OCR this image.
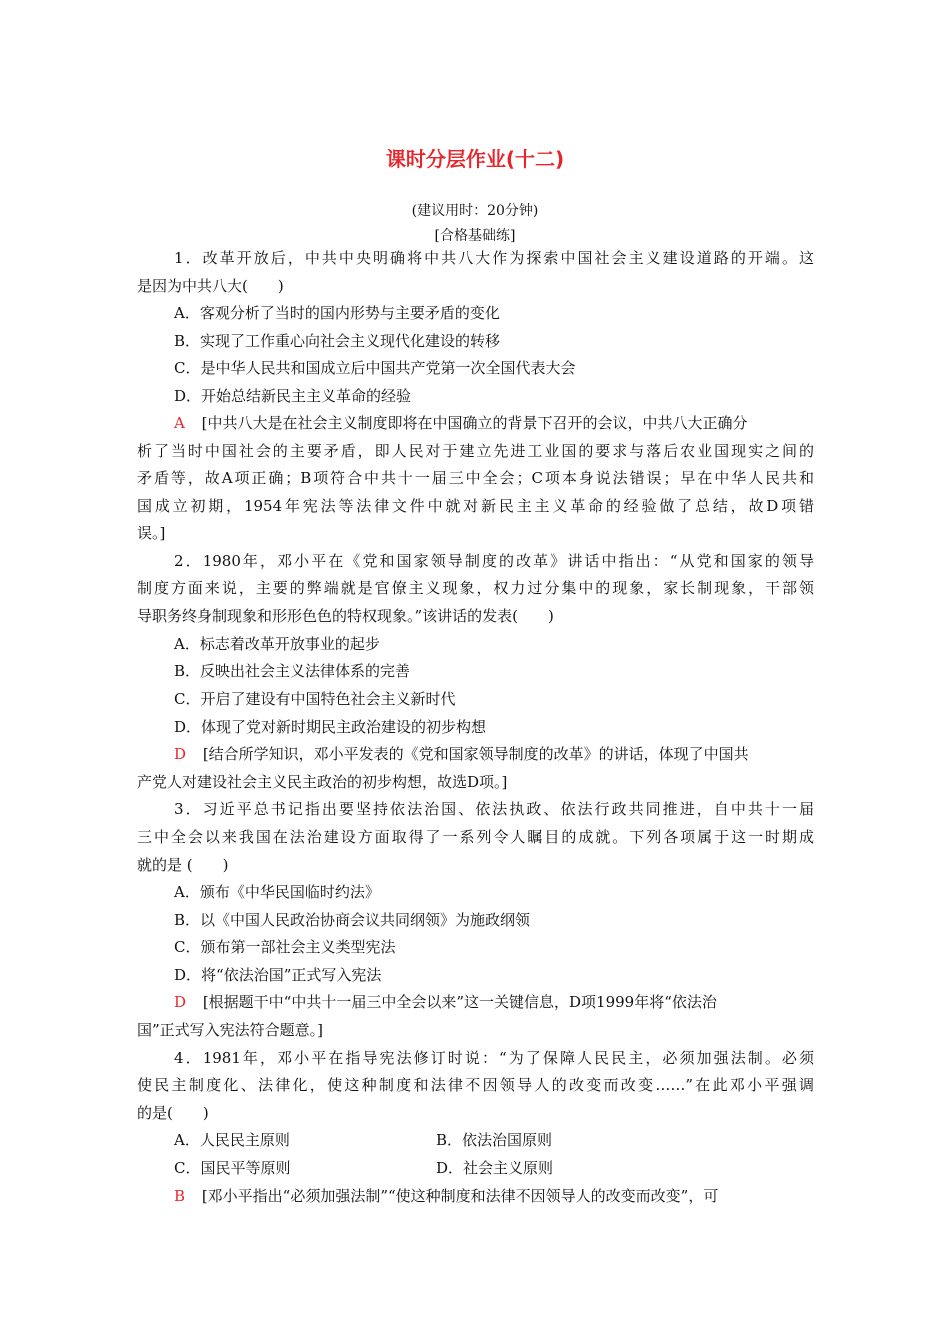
课时分层作业(十二)
(建议用时：20分钟)
[合格基础练]
1．改革开放后，中共中央明确将中共八大作为探索中国社会主义建设道路的开端。这
是因为中共八大(　　)
A．客观分析了当时的国内形势与主要矛盾的变化
B．实现了工作重心向社会主义现代化建设的转移
C．是中华人民共和国成立后中国共产党第一次全国代表大会
D．开始总结新民主主义革命的经验
A [中共八大是在社会主义制度即将在中国确立的背景下召开的会议，中共八大正确分
析了当时中国社会的主要矛盾，即人民对于建立先进工业国的要求与落后农业国现实之间的
矛盾等，故A项正确；B项符合中共十一届三中全会；C项本身说法错误；早在中华人民共和
国成立初期，1954年宪法等法律文件中就对新民主主义革命的经验做了总结，故D项错
误。]
2．1980年，邓小平在《党和国家领导制度的改革》讲话中指出：“从党和国家的领导
制度方面来说，主要的弊端就是官僚主义现象，权力过分集中的现象，家长制现象，干部领
导职务终身制现象和形形色色的特权现象。”该讲话的发表(　　)
A．标志着改革开放事业的起步
B．反映出社会主义法律体系的完善
C．开启了建设有中国特色社会主义新时代
D．体现了党对新时期民主政治建设的初步构想
D [结合所学知识，邓小平发表的《党和国家领导制度的改革》的讲话，体现了中国共
产党人对建设社会主义民主政治的初步构想，故选D项。]
3．习近平总书记指出要坚持依法治国、依法执政、依法行政共同推进，自中共十一届
三中全会以来我国在法治建设方面取得了一系列令人瞩目的成就。下列各项属于这一时期成
就的是 (　　)
A．颁布《中华民国临时约法》
B．以《中国人民政治协商会议共同纲领》为施政纲领
C．颁布第一部社会主义类型宪法
D．将“依法治国”正式写入宪法
D [根据题干中“中共十一届三中全会以来”这一关键信息，D项1999年将“依法治
国”正式写入宪法符合题意。]
4．1981年，邓小平在指导宪法修订时说：“为了保障人民民主，必须加强法制。必须
使民主制度化、法律化，使这种制度和法律不因领导人的改变而改变……”在此邓小平强调
的是(　　)
A．人民民主原则	B．依法治国原则
C．国民平等原则	D．社会主义原则
B [邓小平指出“必须加强法制”“使这种制度和法律不因领导人的改变而改变”，可
